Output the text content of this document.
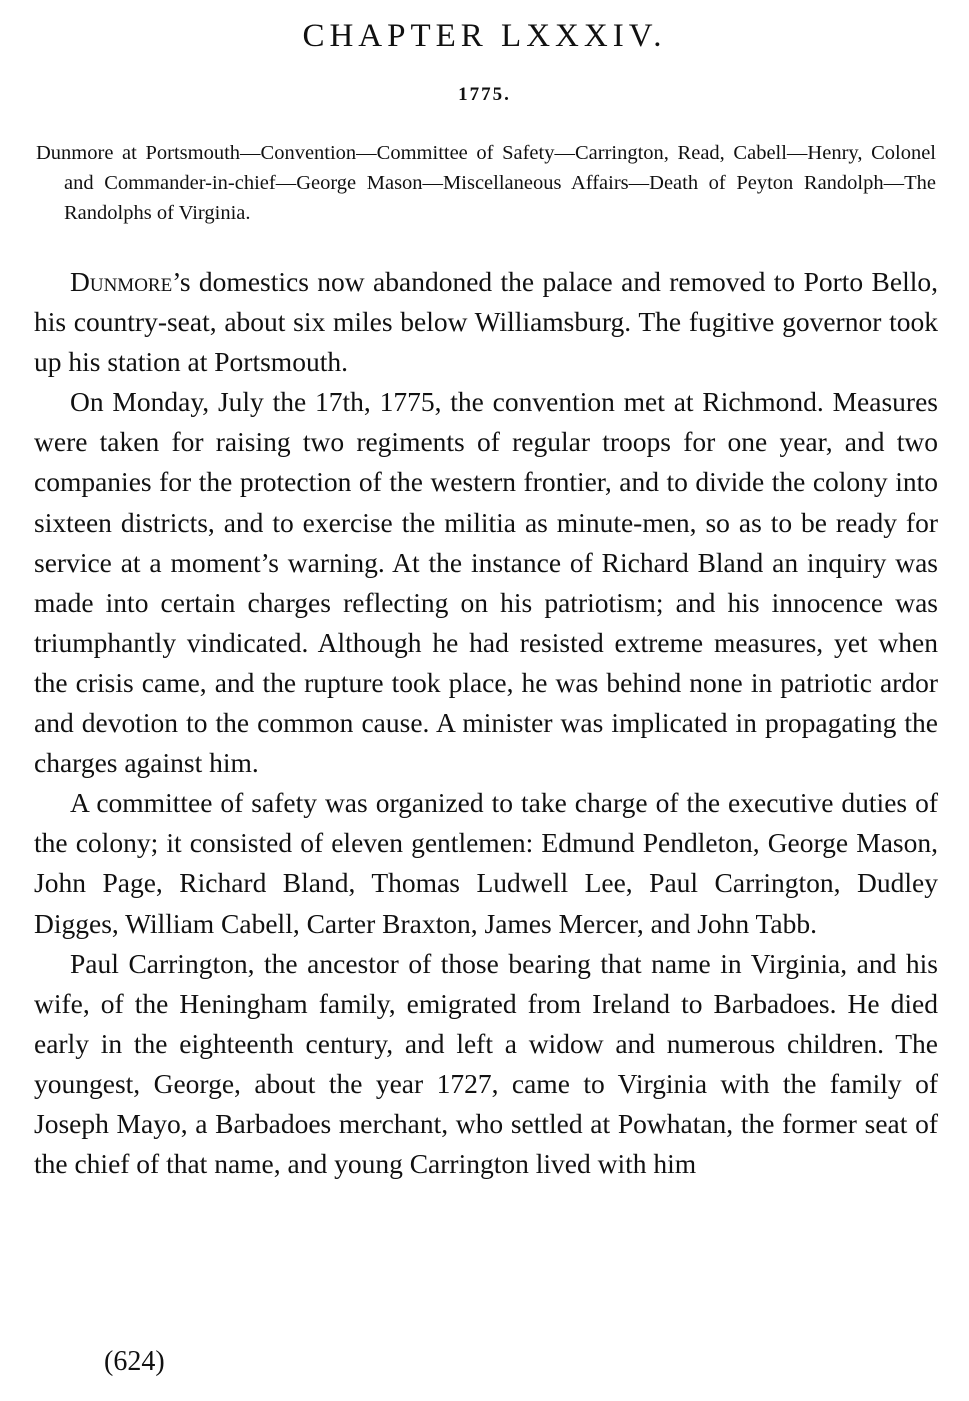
CHAPTER LXXXIV.
1775.
Dunmore at Portsmouth—Convention—Committee of Safety—Carrington, Read, Cabell—Henry, Colonel and Commander-in-chief—George Mason—Miscellaneous Affairs—Death of Peyton Randolph—The Randolphs of Virginia.

Dunmore’s domestics now abandoned the palace and removed to Porto Bello, his country-seat, about six miles below Williamsburg. The fugitive governor took up his station at Portsmouth.

On Monday, July the 17th, 1775, the convention met at Richmond. Measures were taken for raising two regiments of regular troops for one year, and two companies for the protection of the western frontier, and to divide the colony into sixteen districts, and to exercise the militia as minute-men, so as to be ready for service at a moment’s warning. At the instance of Richard Bland an inquiry was made into certain charges reflecting on his patriotism; and his innocence was triumphantly vindicated. Although he had resisted extreme measures, yet when the crisis came, and the rupture took place, he was behind none in patriotic ardor and devotion to the common cause. A minister was implicated in propagating the charges against him.

A committee of safety was organized to take charge of the executive duties of the colony; it consisted of eleven gentlemen: Edmund Pendleton, George Mason, John Page, Richard Bland, Thomas Ludwell Lee, Paul Carrington, Dudley Digges, William Cabell, Carter Braxton, James Mercer, and John Tabb.

Paul Carrington, the ancestor of those bearing that name in Virginia, and his wife, of the Heningham family, emigrated from Ireland to Barbadoes. He died early in the eighteenth century, and left a widow and numerous children. The youngest, George, about the year 1727, came to Virginia with the family of Joseph Mayo, a Barbadoes merchant, who settled at Powhatan, the former seat of the chief of that name, and young Carrington lived with him

(624)
